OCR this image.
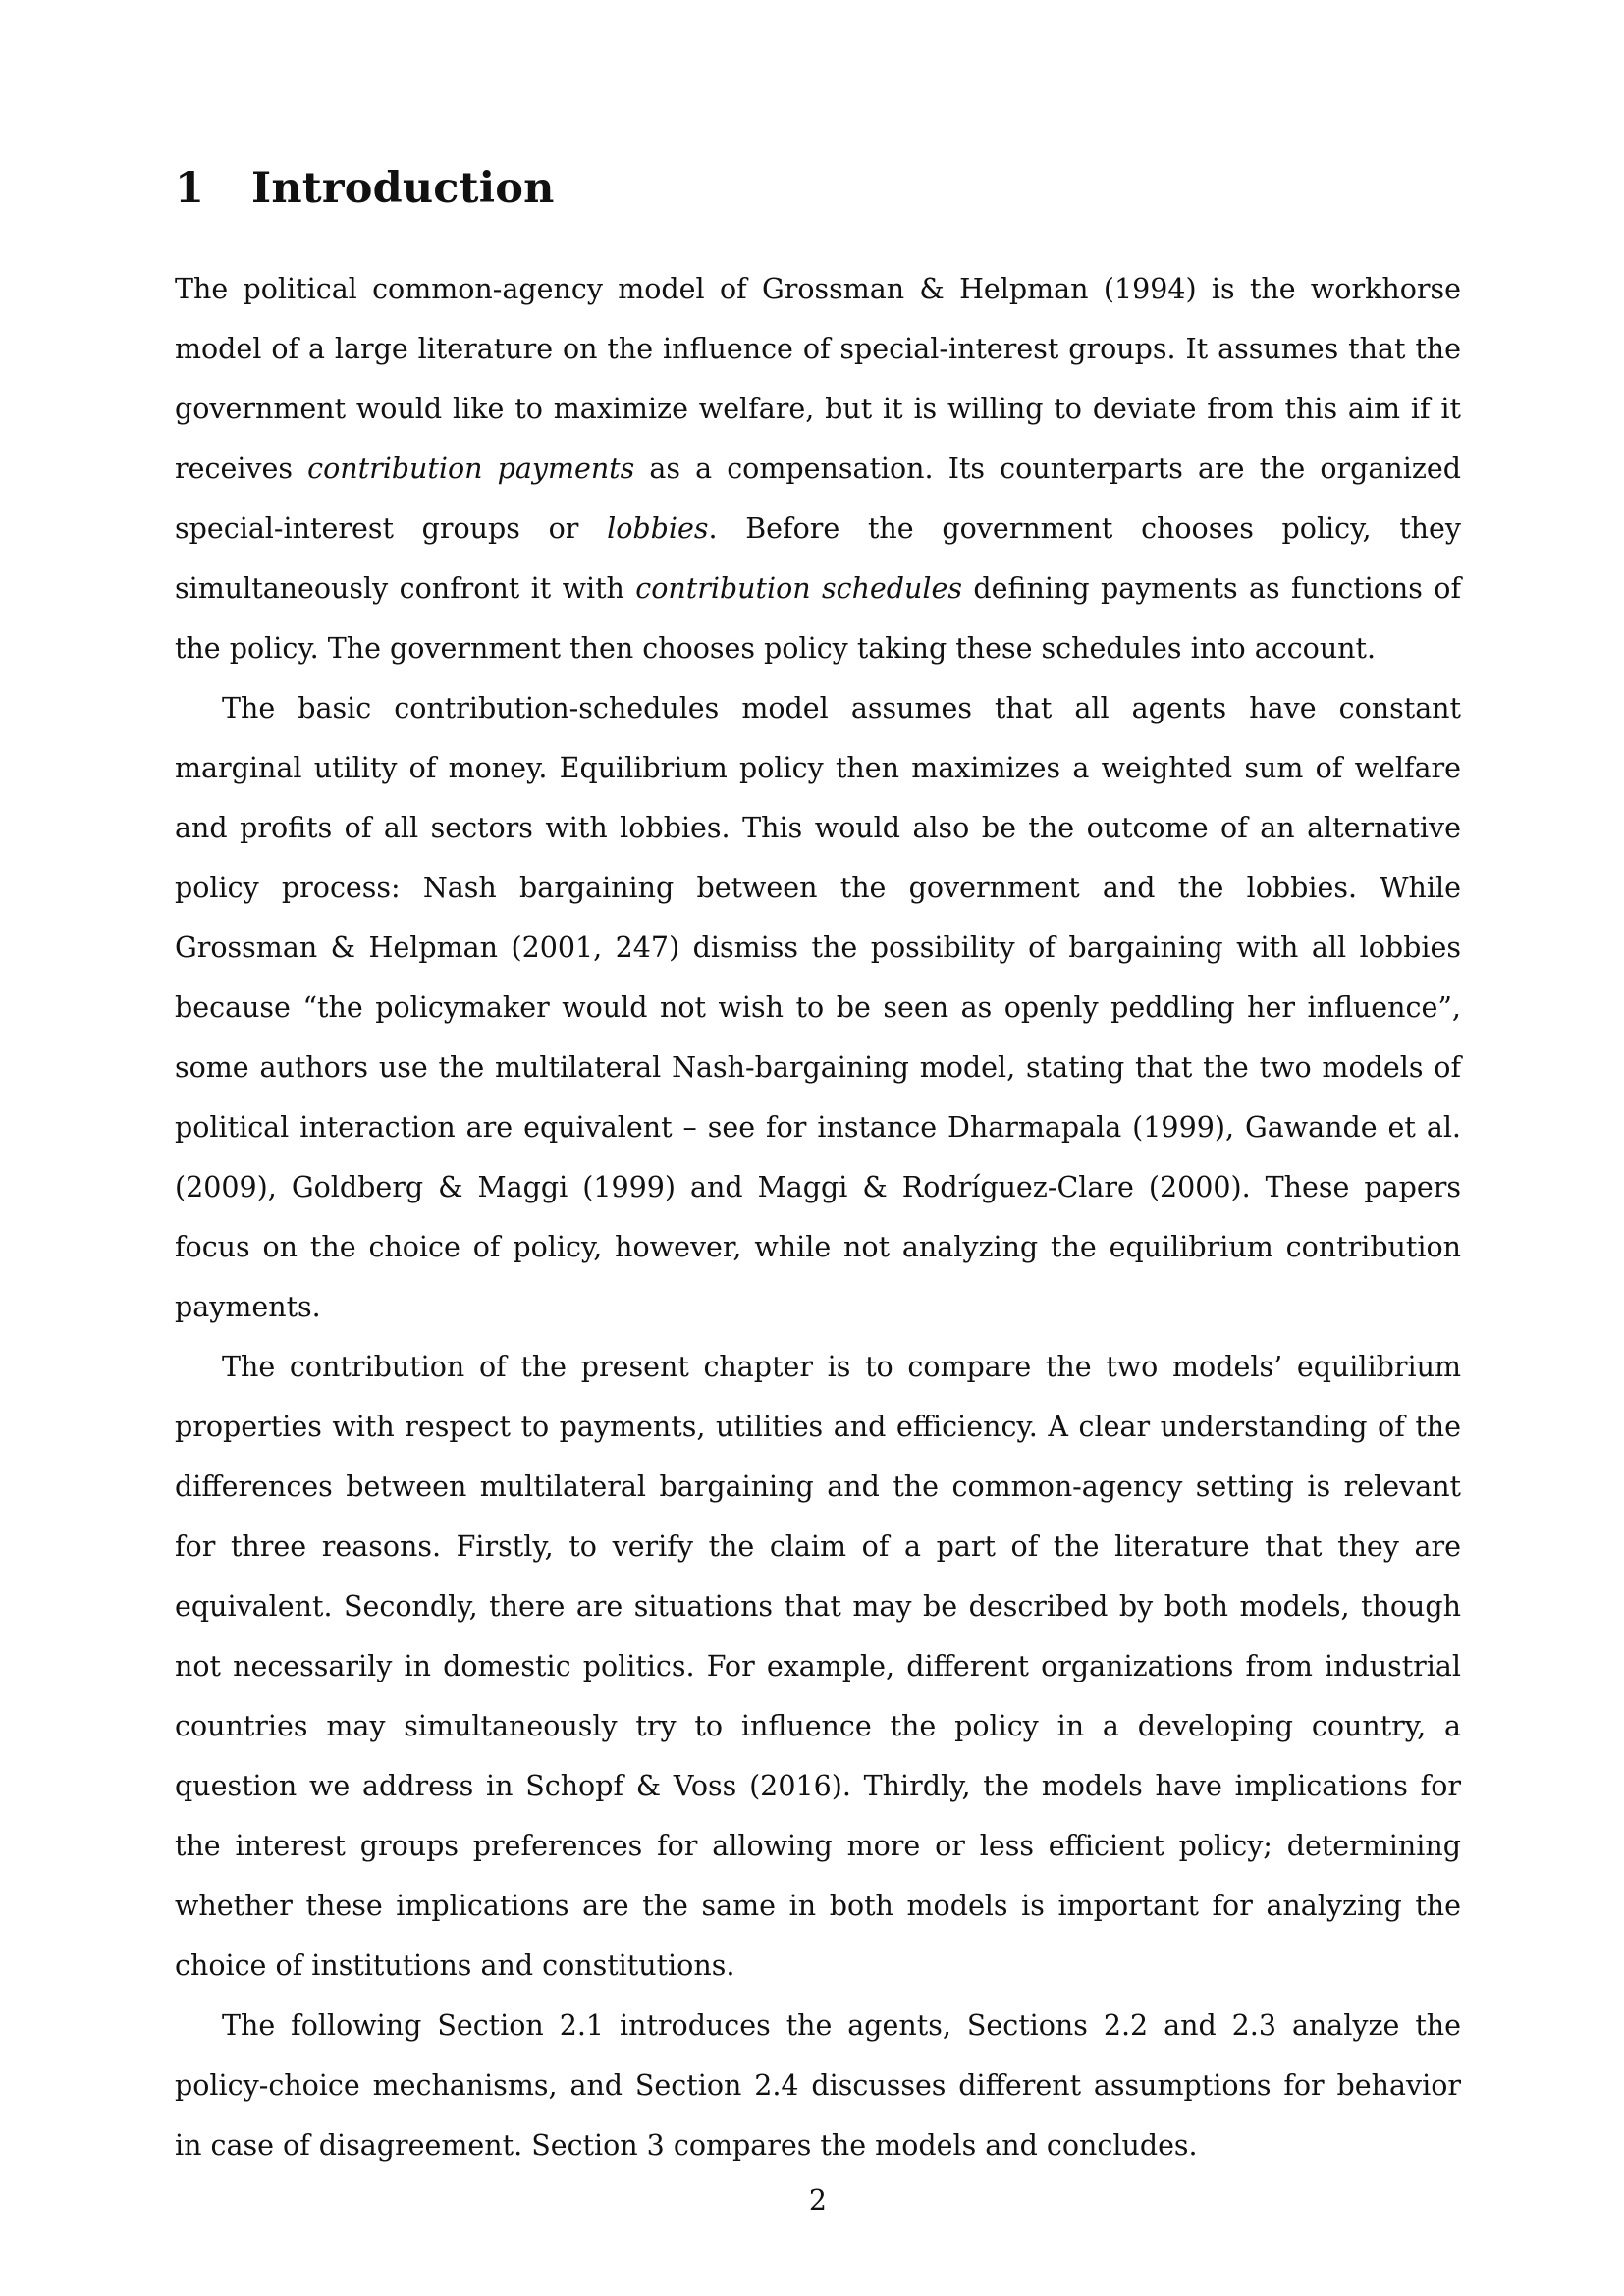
1 Introduction

The political common-agency model of Grossman & Helpman (1994) is the workhorse model of a large literature on the influence of special-interest groups. It assumes that the government would like to maximize welfare, but it is willing to deviate from this aim if it receives contribution payments as a compensation. Its counterparts are the organized special-interest groups or lobbies. Before the government chooses policy, they simultaneously confront it with contribution schedules defining payments as functions of the policy. The government then chooses policy taking these schedules into account.

The basic contribution-schedules model assumes that all agents have constant marginal utility of money. Equilibrium policy then maximizes a weighted sum of welfare and profits of all sectors with lobbies. This would also be the outcome of an alternative policy process: Nash bargaining between the government and the lobbies. While Grossman & Helpman (2001, 247) dismiss the possibility of bargaining with all lobbies because “the policymaker would not wish to be seen as openly peddling her influence”, some authors use the multilateral Nash-bargaining model, stating that the two models of political interaction are equivalent – see for instance Dharmapala (1999), Gawande et al. (2009), Goldberg & Maggi (1999) and Maggi & Rodríguez-Clare (2000). These papers focus on the choice of policy, however, while not analyzing the equilibrium contribution payments.

The contribution of the present chapter is to compare the two models’ equilibrium properties with respect to payments, utilities and efficiency. A clear understanding of the differences between multilateral bargaining and the common-agency setting is relevant for three reasons. Firstly, to verify the claim of a part of the literature that they are equivalent. Secondly, there are situations that may be described by both models, though not necessarily in domestic politics. For example, different organizations from industrial countries may simultaneously try to influence the policy in a developing country, a question we address in Schopf & Voss (2016). Thirdly, the models have implications for the interest groups preferences for allowing more or less efficient policy; determining whether these implications are the same in both models is important for analyzing the choice of institutions and constitutions.

The following Section 2.1 introduces the agents, Sections 2.2 and 2.3 analyze the policy-choice mechanisms, and Section 2.4 discusses different assumptions for behavior in case of disagreement. Section 3 compares the models and concludes.

2
